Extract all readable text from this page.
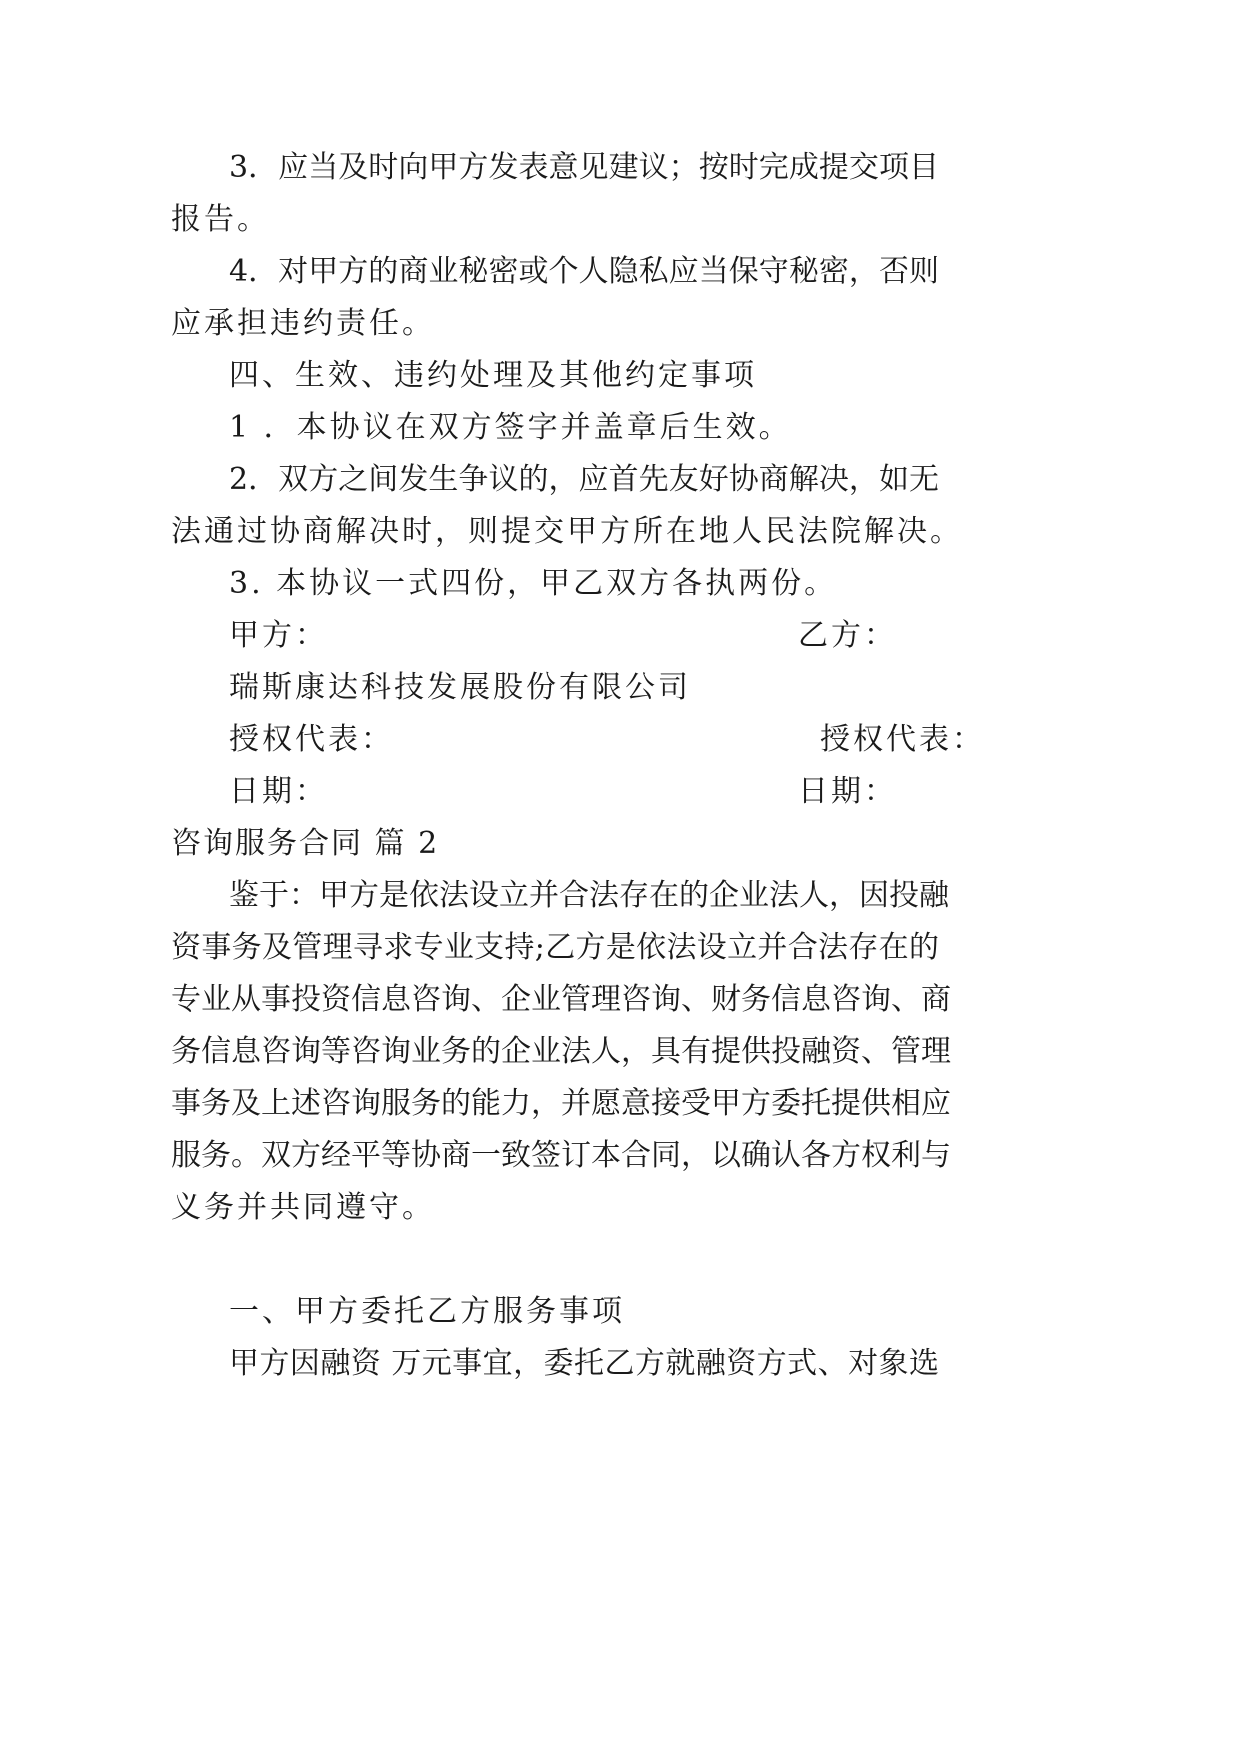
3．应当及时向甲方发表意见建议；按时完成提交项目
报告。
4．对甲方的商业秘密或个人隐私应当保守秘密，否则
应承担违约责任。
四、生效、违约处理及其他约定事项
1 ．本协议在双方签字并盖章后生效。
2．双方之间发生争议的，应首先友好协商解决，如无
法通过协商解决时，则提交甲方所在地人民法院解决。
3. 本协议一式四份，甲乙双方各执两份。
甲方：	乙方：
瑞斯康达科技发展股份有限公司
授权代表：	授权代表：
日期：	日期：
咨询服务合同 篇 2
鉴于：甲方是依法设立并合法存在的企业法人，因投融
资事务及管理寻求专业支持;乙方是依法设立并合法存在的
专业从事投资信息咨询、企业管理咨询、财务信息咨询、商
务信息咨询等咨询业务的企业法人，具有提供投融资、管理
事务及上述咨询服务的能力，并愿意接受甲方委托提供相应
服务。双方经平等协商一致签订本合同，以确认各方权利与
义务并共同遵守。
一、甲方委托乙方服务事项
甲方因融资 万元事宜，委托乙方就融资方式、对象选
